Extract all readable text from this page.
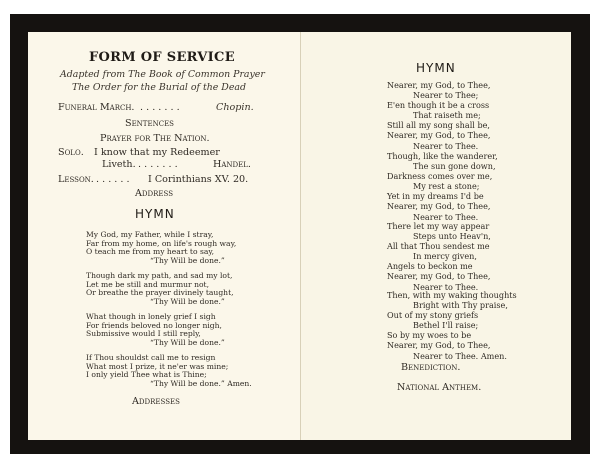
FORM OF SERVICE
Adapted from The Book of Common Prayer
The Order for the Burial of the Dead
Funeral March. . . . . . . .	Chopin.
Sentences
Prayer for The Nation.
Solo. I know that my Redeemer
Liveth. . . . . . . .	Handel.
Lesson. . . . . . . I Corinthians XV. 20.
Address
HYMN
My God, my Father, while I stray,
Far from my home, on life's rough way,
O teach me from my heart to say,
“Thy Will be done.”
Though dark my path, and sad my lot,
Let me be still and murmur not,
Or breathe the prayer divinely taught,
“Thy Will be done.”
What though in lonely grief I sigh
For friends beloved no longer nigh,
Submissive would I still reply,
“Thy Will be done.”
If Thou shouldst call me to resign
What most I prize, it ne'er was mine;
I only yield Thee what is Thine;
“Thy Will be done.” Amen.
Addresses
HYMN
Nearer, my God, to Thee,
Nearer to Thee;
E'en though it be a cross
That raiseth me;
Still all my song shall be,
Nearer, my God, to Thee,
Nearer to Thee.
Though, like the wanderer,
The sun gone down,
Darkness comes over me,
My rest a stone;
Yet in my dreams I'd be
Nearer, my God, to Thee,
Nearer to Thee.
There let my way appear
Steps unto Heav'n,
All that Thou sendest me
In mercy given,
Angels to beckon me
Nearer, my God, to Thee,
Nearer to Thee.
Then, with my waking thoughts
Bright with Thy praise,
Out of my stony griefs
Bethel I'll raise;
So by my woes to be
Nearer, my God, to Thee,
Nearer to Thee. Amen.
Benediction.
National Anthem.
